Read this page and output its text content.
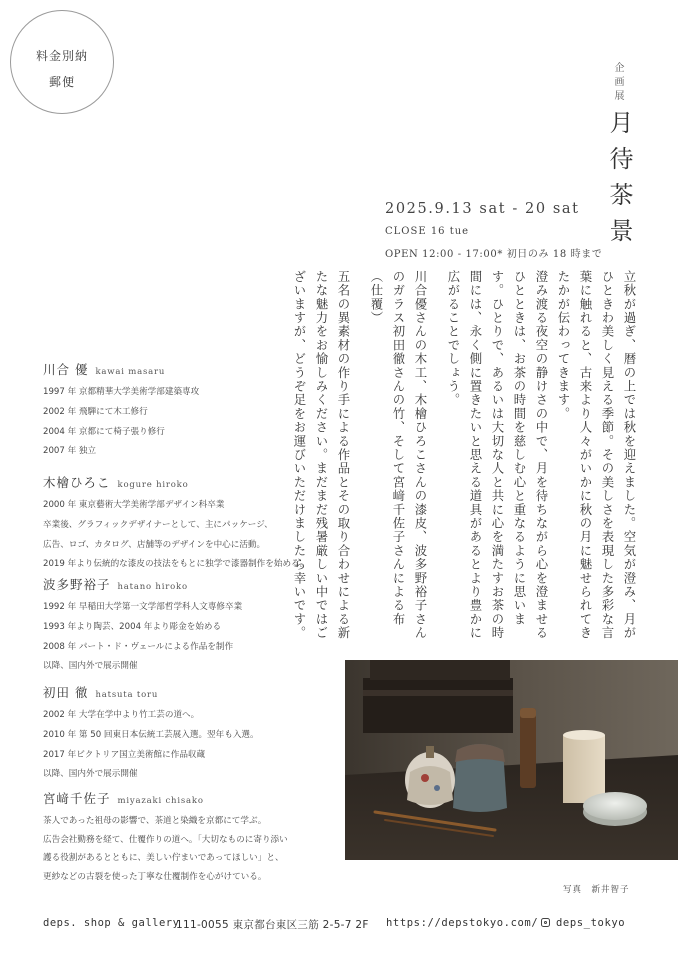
料金別納
郵便	企画展
月待茶景
2025.9.13 sat - 20 sat
CLOSE 16 tue
OPEN 12:00 - 17:00* 初日のみ 18 時まで

立秋が過ぎ、暦の上では秋を迎えました。空気が澄み、月がひときわ美しく見える季節。その美しさを表現した多彩な言葉に触れると、古来より人々がいかに秋の月に魅せられてきたかが伝わってきます。

澄み渡る夜空の静けさの中で、月を待ちながら心を澄ませるひとときは、お茶の時間を慈しむ心と重なるように思います。ひとりで、あるいは大切な人と共に心を満たすお茶の時間には、永く側に置きたいと思える道具があるとより豊かに広がることでしょう。

川合優さんの木工、木檜ひろこさんの漆皮、波多野裕子さんのガラス初田徹さんの竹、そして宮﨑千佐子さんによる布（仕覆）

五名の異素材の作り手による作品とその取り合わせによる新たな魅力をお愉しみください。まだまだ残暑厳しい中ではございますが、どうぞ足をお運びいただけましたら幸いです。

川合 優 kawai masaru
1997 年 京都精華大学美術学部建築専攻
2002 年 飛騨にて木工修行
2004 年 京都にて椅子張り修行
2007 年 独立
木檜ひろこ kogure hiroko
2000 年 東京藝術大学美術学部デザイン科卒業
卒業後、グラフィックデザイナーとして、主にパッケージ、
広告、ロゴ、カタログ、店舗等のデザインを中心に活動。
2019 年より伝統的な漆皮の技法をもとに独学で漆器制作を始める。
波多野裕子 hatano hiroko
1992 年 早稲田大学第一文学部哲学科人文専修卒業
1993 年より陶芸、2004 年より彫金を始める
2008 年 パート・ド・ヴェールによる作品を制作
以降、国内外で展示開催
初田 徹 hatsuta toru
2002 年 大学在学中より竹工芸の道へ。
2010 年 第 50 回東日本伝統工芸展入選。翌年も入選。
2017 年ビクトリア国立美術館に作品収蔵
以降、国内外で展示開催
宮﨑千佐子 miyazaki chisako
茶人であった祖母の影響で、茶道と染織を京都にて学ぶ。
広告会社勤務を経て、仕覆作りの道へ。「大切なものに寄り添い
護る役割があるとともに、美しい佇まいであってほしい」と、
更紗などの古裂を使った丁寧な仕覆制作を心がけている。
写真　新井智子
deps. shop & gallery
111-0055 東京都台東区三筋 2-5-7 2F https://depstokyo.com/	deps_tokyo
